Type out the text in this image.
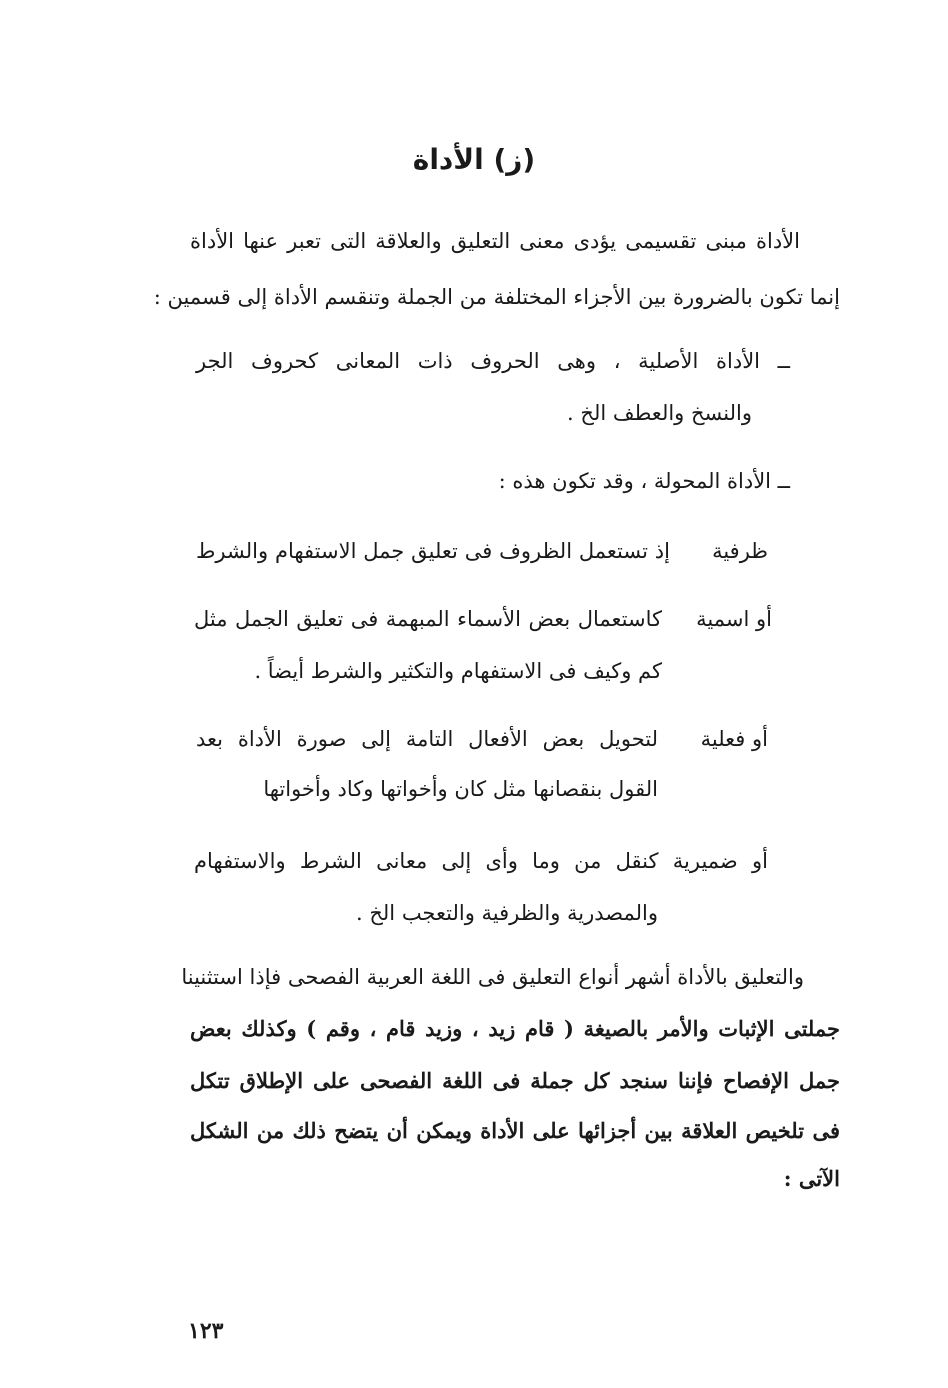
(ز) الأداة
الأداة مبنى تقسيمى يؤدى معنى التعليق والعلاقة التى تعبر عنها الأداة
إنما تكون بالضرورة بين الأجزاء المختلفة من الجملة وتنقسم الأداة إلى قسمين :
ــ الأداة الأصلية ، وهى الحروف ذات المعانى كحروف الجر
والنسخ والعطف الخ .
ــ الأداة المحولة ، وقد تكون هذه :
ظرفية
إذ تستعمل الظروف فى تعليق جمل الاستفهام والشرط
أو اسمية
كاستعمال بعض الأسماء المبهمة فى تعليق الجمل مثل
كم وكيف فى الاستفهام والتكثير والشرط أيضاً .
أو فعلية
لتحويل بعض الأفعال التامة إلى صورة الأداة بعد
القول بنقصانها مثل كان وأخواتها وكاد وأخواتها
أو ضميرية كنقل من وما وأى إلى معانى الشرط والاستفهام
والمصدرية والظرفية والتعجب الخ .
والتعليق بالأداة أشهر أنواع التعليق فى اللغة العربية الفصحى فإذا استثنينا
جملتى الإثبات والأمر بالصيغة ( قام زيد ، وزيد قام ، وقم ) وكذلك بعض
جمل الإفصاح فإننا سنجد كل جملة فى اللغة الفصحى على الإطلاق تتكل
فى تلخيص العلاقة بين أجزائها على الأداة ويمكن أن يتضح ذلك من الشكل
الآتى :
١٢٣
